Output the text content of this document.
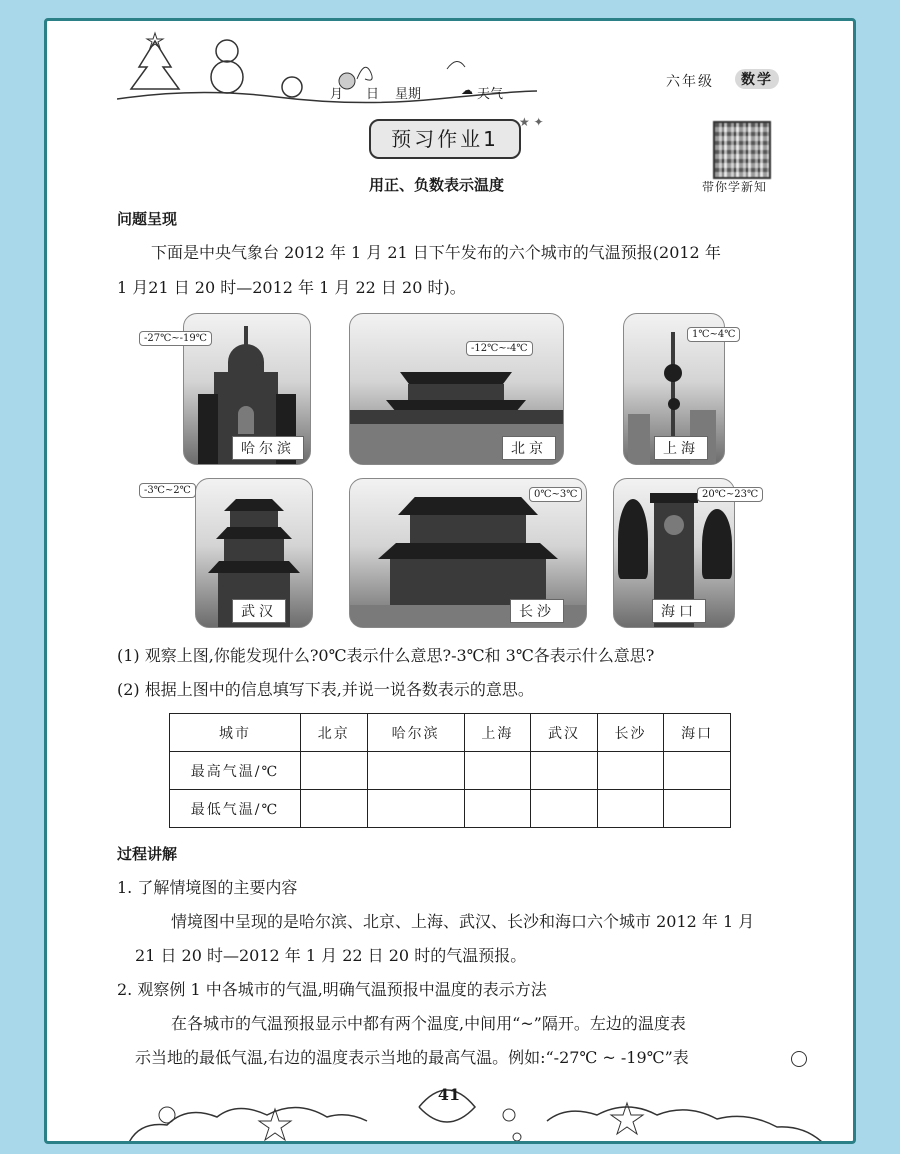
月 日 星期	☁ 天气
六年级	数学
带你学新知
预习作业1
★ ✦
用正、负数表示温度
问题呈现
下面是中央气象台 2012 年 1 月 21 日下午发布的六个城市的气温预报(2012 年
1 月21 日 20 时—2012 年 1 月 22 日 20 时)。
哈尔滨
-27℃~-19℃
北京
-12℃~-4℃
上海
1℃~4℃
武汉
-3℃~2℃
长沙
0℃~3℃
海口
20℃~23℃
(1) 观察上图,你能发现什么?0℃表示什么意思?-3℃和 3℃各表示什么意思?
(2) 根据上图中的信息填写下表,并说一说各数表示的意思。
城市	北京	哈尔滨	上海	武汉	长沙	海口
最高气温/℃						
最低气温/℃						
过程讲解
1. 了解情境图的主要内容
情境图中呈现的是哈尔滨、北京、上海、武汉、长沙和海口六个城市 2012 年 1 月
21 日 20 时—2012 年 1 月 22 日 20 时的气温预报。
2. 观察例 1 中各城市的气温,明确气温预报中温度的表示方法
在各城市的气温预报显示中都有两个温度,中间用“~”隔开。左边的温度表
示当地的最低气温,右边的温度表示当地的最高气温。例如:“-27℃ ~ -19℃”表
41
